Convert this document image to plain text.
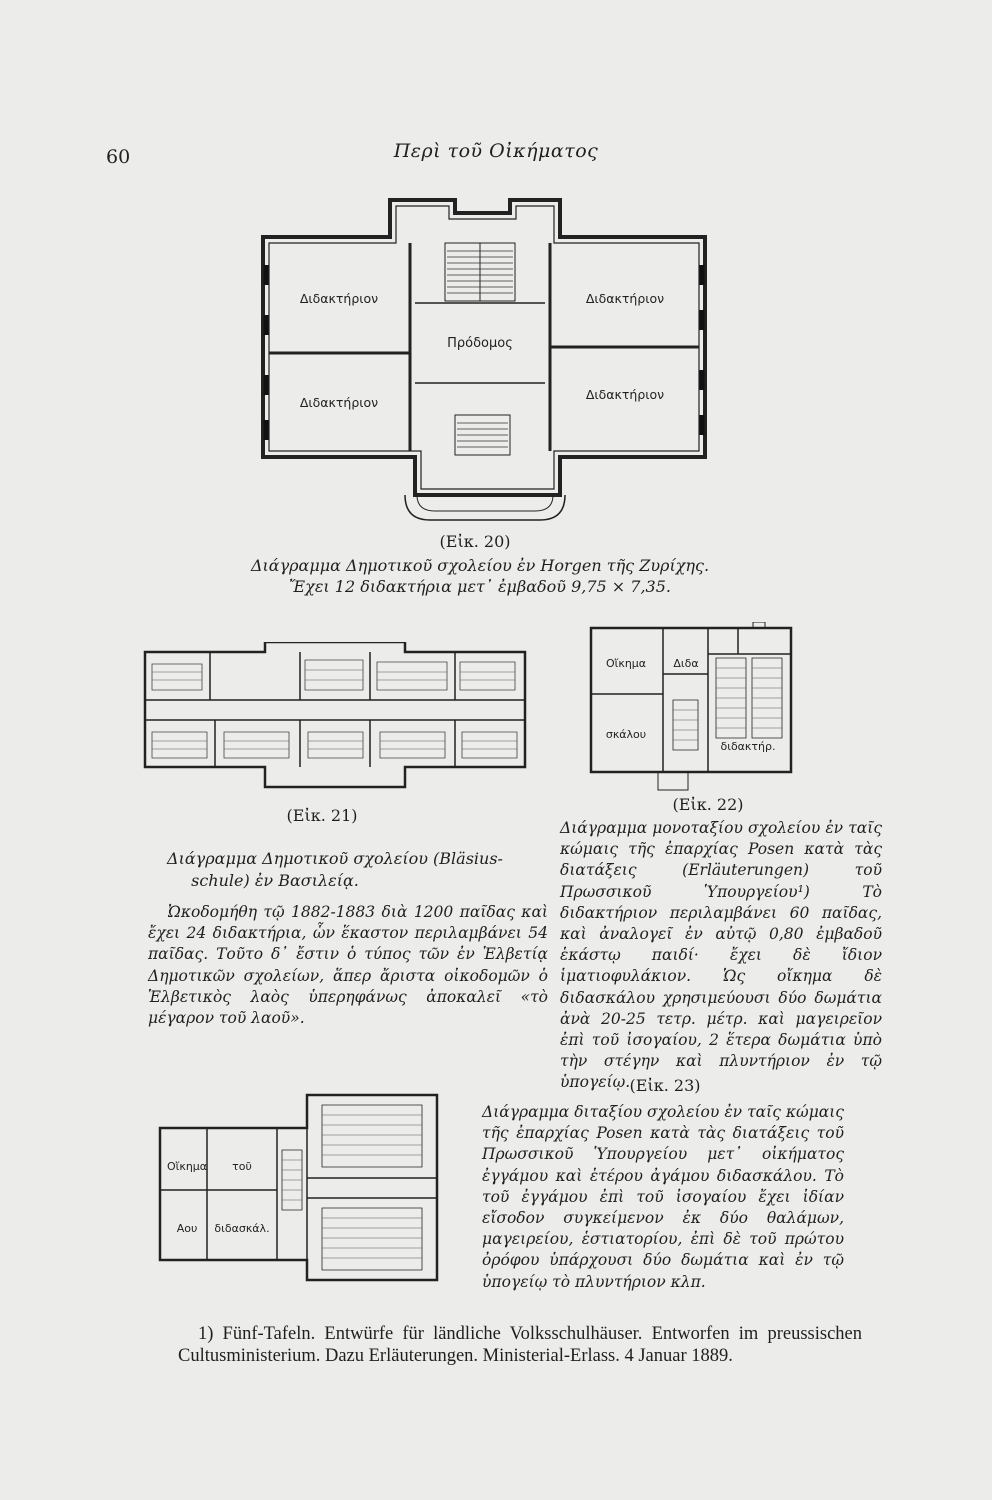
60	Περὶ τοῦ Οἰκήματος
Διδακτήριον
Διδακτήριον
Διδακτήριον
Διδακτήριον
Πρόδομος
(Εἰκ. 20)
Διάγραμμα Δημοτικοῦ σχολείου ἐν Horgen τῆς Ζυρίχης.
Ἔχει 12 διδακτήρια μετ᾽ ἐμβαδοῦ 9,75 × 7,35.
(Εἰκ. 21)
Διάγραμμα Δημοτικοῦ σχολείου (Bläsius-
schule) ἐν Βασιλείᾳ.
Ὠκοδομήθη τῷ 1882-1883 διὰ 1200 παῖδας καὶ ἔχει 24 διδακτήρια, ὧν ἕκαστον περιλαμβάνει 54 παῖδας. Τοῦτο δ᾽ ἔστιν ὁ τύπος τῶν ἐν Ἑλβετίᾳ Δημοτικῶν σχολείων, ἅπερ ἄριστα οἰκοδομῶν ὁ Ἑλβετικὸς λαὸς ὑπερηφάνως ἀποκαλεῖ «τὸ μέγαρον τοῦ λαοῦ».
Οἴκημα Διδα
σκάλου
διδακτήρ.
(Εἰκ. 22)
Διάγραμμα μονοταξίου σχολείου ἐν ταῖς κώμαις τῆς ἐπαρχίας Posen κατὰ τὰς διατάξεις (Erläuterungen) τοῦ Πρωσσικοῦ Ὑπουργείου¹) Τὸ διδακτήριον περιλαμβάνει 60 παῖδας, καὶ ἀναλογεῖ ἐν αὐτῷ 0,80 ἐμβαδοῦ ἑκάστῳ παιδί· ἔχει δὲ ἴδιον ἱματιοφυλάκιον. Ὡς οἴκημα δὲ διδασκάλου χρησιμεύουσι δύο δωμάτια ἀνὰ 20-25 τετρ. μέτρ. καὶ μαγειρεῖον ἐπὶ τοῦ ἰσογαίου, 2 ἕτερα δωμάτια ὑπὸ τὴν στέγην καὶ πλυντήριον ἐν τῷ ὑπογείῳ.
Οἴκημα τοῦ
Αου διδασκάλ.
(Εἰκ. 23)
Διάγραμμα διταξίου σχολείου ἐν ταῖς κώμαις τῆς ἐπαρχίας Posen κατὰ τὰς διατάξεις τοῦ Πρωσσικοῦ Ὑπουργείου μετ᾽ οἰκήματος ἐγγάμου καὶ ἑτέρου ἀγάμου διδασκάλου. Τὸ τοῦ ἐγγάμου ἐπὶ τοῦ ἰσογαίου ἔχει ἰδίαν εἴσοδον συγκείμενον ἐκ δύο θαλάμων, μαγειρείου, ἑστιατορίου, ἐπὶ δὲ τοῦ πρώτου ὀρόφου ὑπάρχουσι δύο δωμάτια καὶ ἐν τῷ ὑπογείῳ τὸ πλυντήριον κλπ.
1) Fünf-Tafeln. Entwürfe für ländliche Volksschulhäuser. Entworfen im preussischen Cultusministerium. Dazu Erläuterungen. Ministerial-Erlass. 4 Januar 1889.
